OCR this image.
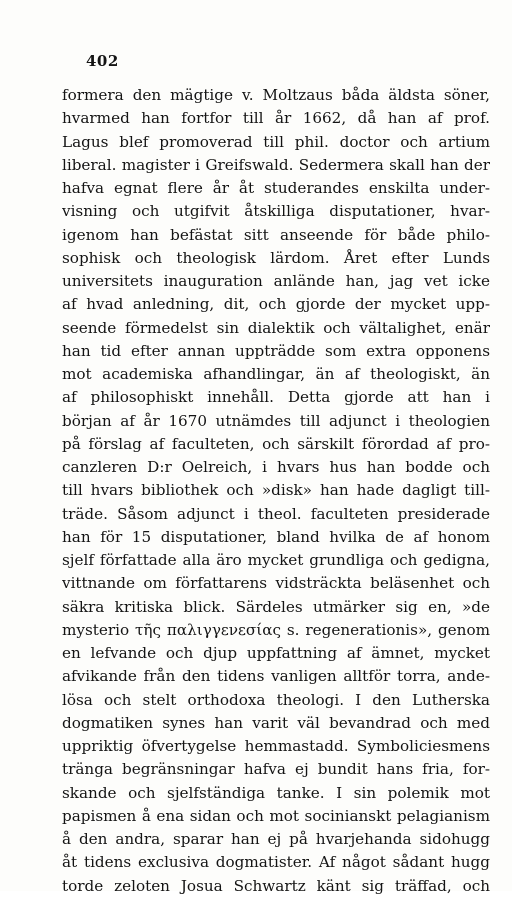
402
formera den mägtige v. Moltzaus båda äldsta söner,
hvarmed han fortfor till år 1662, då han af prof.
Lagus blef promoverad till phil. doctor och artium
liberal. magister i Greifswald. Sedermera skall han der
hafva egnat flere år åt studerandes enskilta under-
visning och utgifvit åtskilliga disputationer, hvar-
igenom han befästat sitt anseende för både philo-
sophisk och theologisk lärdom. Året efter Lunds
universitets inauguration anlände han, jag vet icke
af hvad anledning, dit, och gjorde der mycket upp-
seende förmedelst sin dialektik och vältalighet, enär
han tid efter annan uppträdde som extra opponens
mot academiska afhandlingar, än af theologiskt, än
af philosophiskt innehåll. Detta gjorde att han i
början af år 1670 utnämdes till adjunct i theologien
på förslag af faculteten, och särskilt förordad af pro-
canzleren D:r Oelreich, i hvars hus han bodde och
till hvars bibliothek och »disk» han hade dagligt till-
träde. Såsom adjunct i theol. faculteten presiderade
han för 15 disputationer, bland hvilka de af honom
sjelf författade alla äro mycket grundliga och gedigna,
vittnande om författarens vidsträckta beläsenhet och
säkra kritiska blick. Särdeles utmärker sig en, »de
mysterio τῆς παλιγγενεσίας s. regenerationis», genom
en lefvande och djup uppfattning af ämnet, mycket
afvikande från den tidens vanligen alltför torra, ande-
lösa och stelt orthodoxa theologi. I den Lutherska
dogmatiken synes han varit väl bevandrad och med
uppriktig öfvertygelse hemmastadd. Symboliciesmens
tränga begränsningar hafva ej bundit hans fria, for-
skande och sjelfständiga tanke. I sin polemik mot
papismen å ena sidan och mot socinianskt pelagianism
å den andra, sparar han ej på hvarjehanda sidohugg
åt tidens exclusiva dogmatister. Af något sådant hugg
torde zeloten Josua Schwartz känt sig träffad, och
